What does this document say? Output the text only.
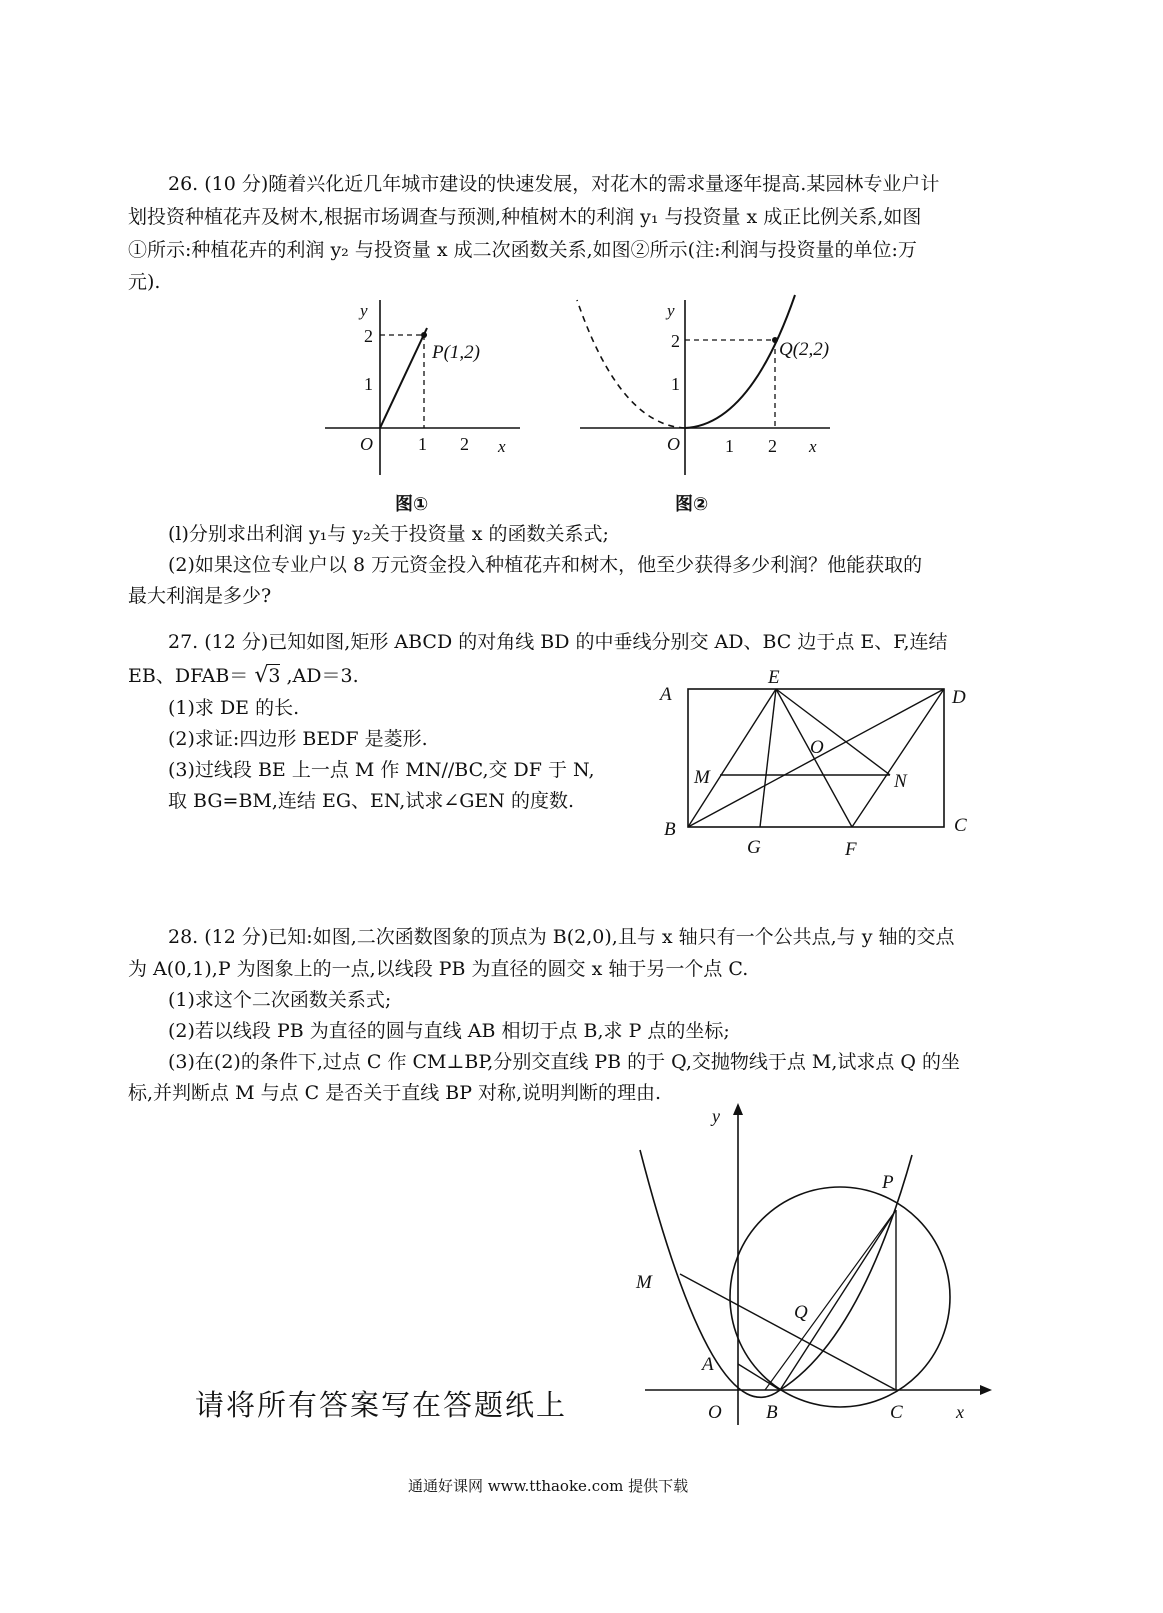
26. (10 分)随着兴化近几年城市建设的快速发展，对花木的需求量逐年提高.某园林专业户计
划投资种植花卉及树木,根据市场调查与预测,种植树木的利润 y₁ 与投资量 x 成正比例关系,如图
①所示:种植花卉的利润 y₂ 与投资量 x 成二次函数关系,如图②所示(注:利润与投资量的单位:万
元).
y
x
O	1 2
1
2
P(1,2)
图①
y
x
O	1 2
1
2	Q(2,2)
图②
(l)分别求出利润 y₁与 y₂关于投资量 x 的函数关系式;
(2)如果这位专业户以 8 万元资金投入种植花卉和树木，他至少获得多少利润？他能获取的
最大利润是多少?
27. (12 分)已知如图,矩形 ABCD 的对角线 BD 的中垂线分别交 AD、BC 边于点 E、F,连结
EB、DFAB＝ √3 ,AD＝3.
(1)求 DE 的长.
(2)求证:四边形 BEDF 是菱形.
(3)过线段 BE 上一点 M 作 MN//BC,交 DF 于 N,
取 BG=BM,连结 EG、EN,试求∠GEN 的度数.
A
E
D
O
M	N
B
G	F
C
28. (12 分)已知:如图,二次函数图象的顶点为 B(2,0),且与 x 轴只有一个公共点,与 y 轴的交点
为 A(0,1),P 为图象上的一点,以线段 PB 为直径的圆交 x 轴于另一个点 C.
(1)求这个二次函数关系式;
(2)若以线段 PB 为直径的圆与直线 AB 相切于点 B,求 P 点的坐标;
(3)在(2)的条件下,过点 C 作 CM⊥BP,分别交直线 PB 的于 Q,交抛物线于点 M,试求点 Q 的坐
标,并判断点 M 与点 C 是否关于直线 BP 对称,说明判断的理由.
y
x
P
M
Q
A
O B	C
请将所有答案写在答题纸上
通通好课网 www.tthaoke.com 提供下载
